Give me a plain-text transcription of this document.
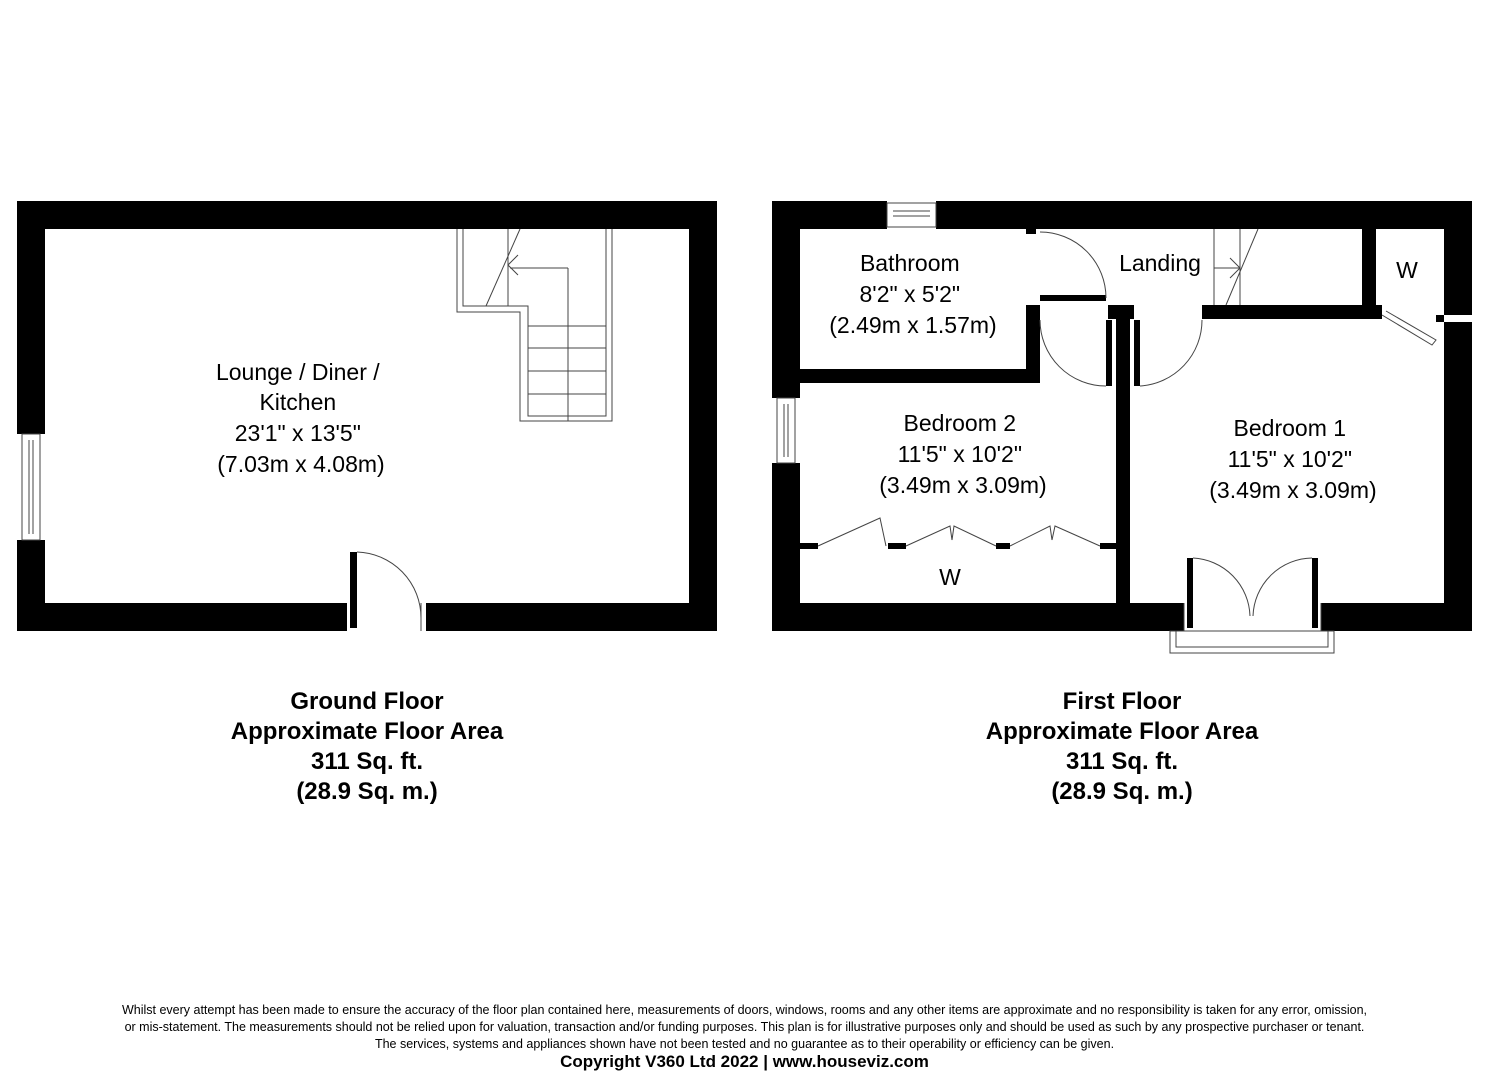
Lounge / Diner / Kitchen 23'1" x 13'5" (7.03m x 4.08m)
Bathroom 8'2" x 5'2" (2.49m x 1.57m)
Landing	W
Bedroom 2 11'5" x 10'2" (3.49m x 3.09m)
W
Bedroom 1 11'5" x 10'2" (3.49m x 3.09m)
Ground Floor
Approximate Floor Area
311 Sq. ft.
(28.9 Sq. m.)
First Floor
Approximate Floor Area
311 Sq. ft.
(28.9 Sq. m.)
Whilst every attempt has been made to ensure the accuracy of the floor plan contained here, measurements of doors, windows, rooms and any other items are approximate and no responsibility is taken for any error, omission,
or mis-statement. The measurements should not be relied upon for valuation, transaction and/or funding purposes. This plan is for illustrative purposes only and should be used as such by any prospective purchaser or tenant.
The services, systems and appliances shown have not been tested and no guarantee as to their operability or efficiency can be given.
Copyright V360 Ltd 2022 | www.houseviz.com
